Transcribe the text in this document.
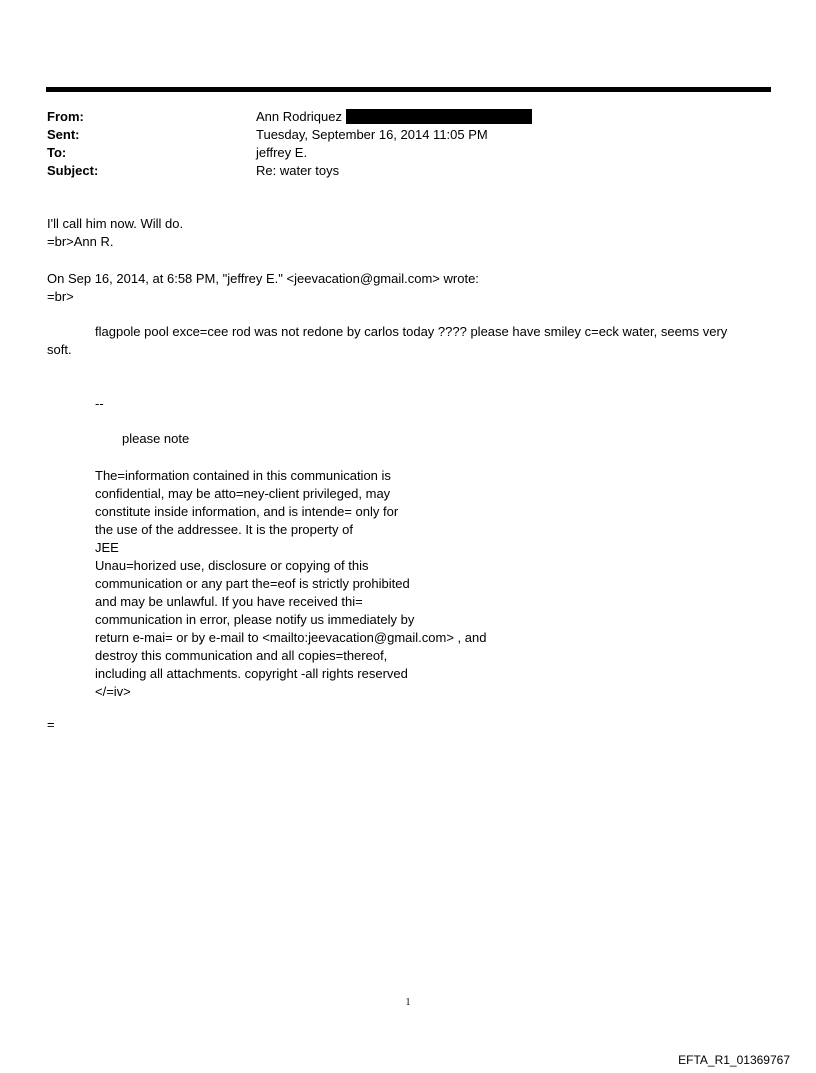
From:	Ann Rodriquez
Sent:	Tuesday, September 16, 2014 11:05 PM
To:	jeffrey E.
Subject:	Re: water toys
I'll call him now. Will do.
=br>Ann R.
On Sep 16, 2014, at 6:58 PM, "jeffrey E." <jeevacation@gmail.com> wrote:
=br>
flagpole pool exce=cee rod was not redone by carlos today ???? please have smiley c=eck water, seems very
soft.
--
please note
The=information contained in this communication is
confidential, may be atto=ney-client privileged, may
constitute inside information, and is intende= only for
the use of the addressee. It is the property of
JEE
Unau=horized use, disclosure or copying of this
communication or any part the=eof is strictly prohibited
and may be unlawful. If you have received thi=
communication in error, please notify us immediately by
return e-mai= or by e-mail to <mailto:jeevacation@gmail.com> , and
destroy this communication and all copies=thereof,
including all attachments. copyright -all rights reserved
</=iv>
=
1
EFTA_R1_01369767
